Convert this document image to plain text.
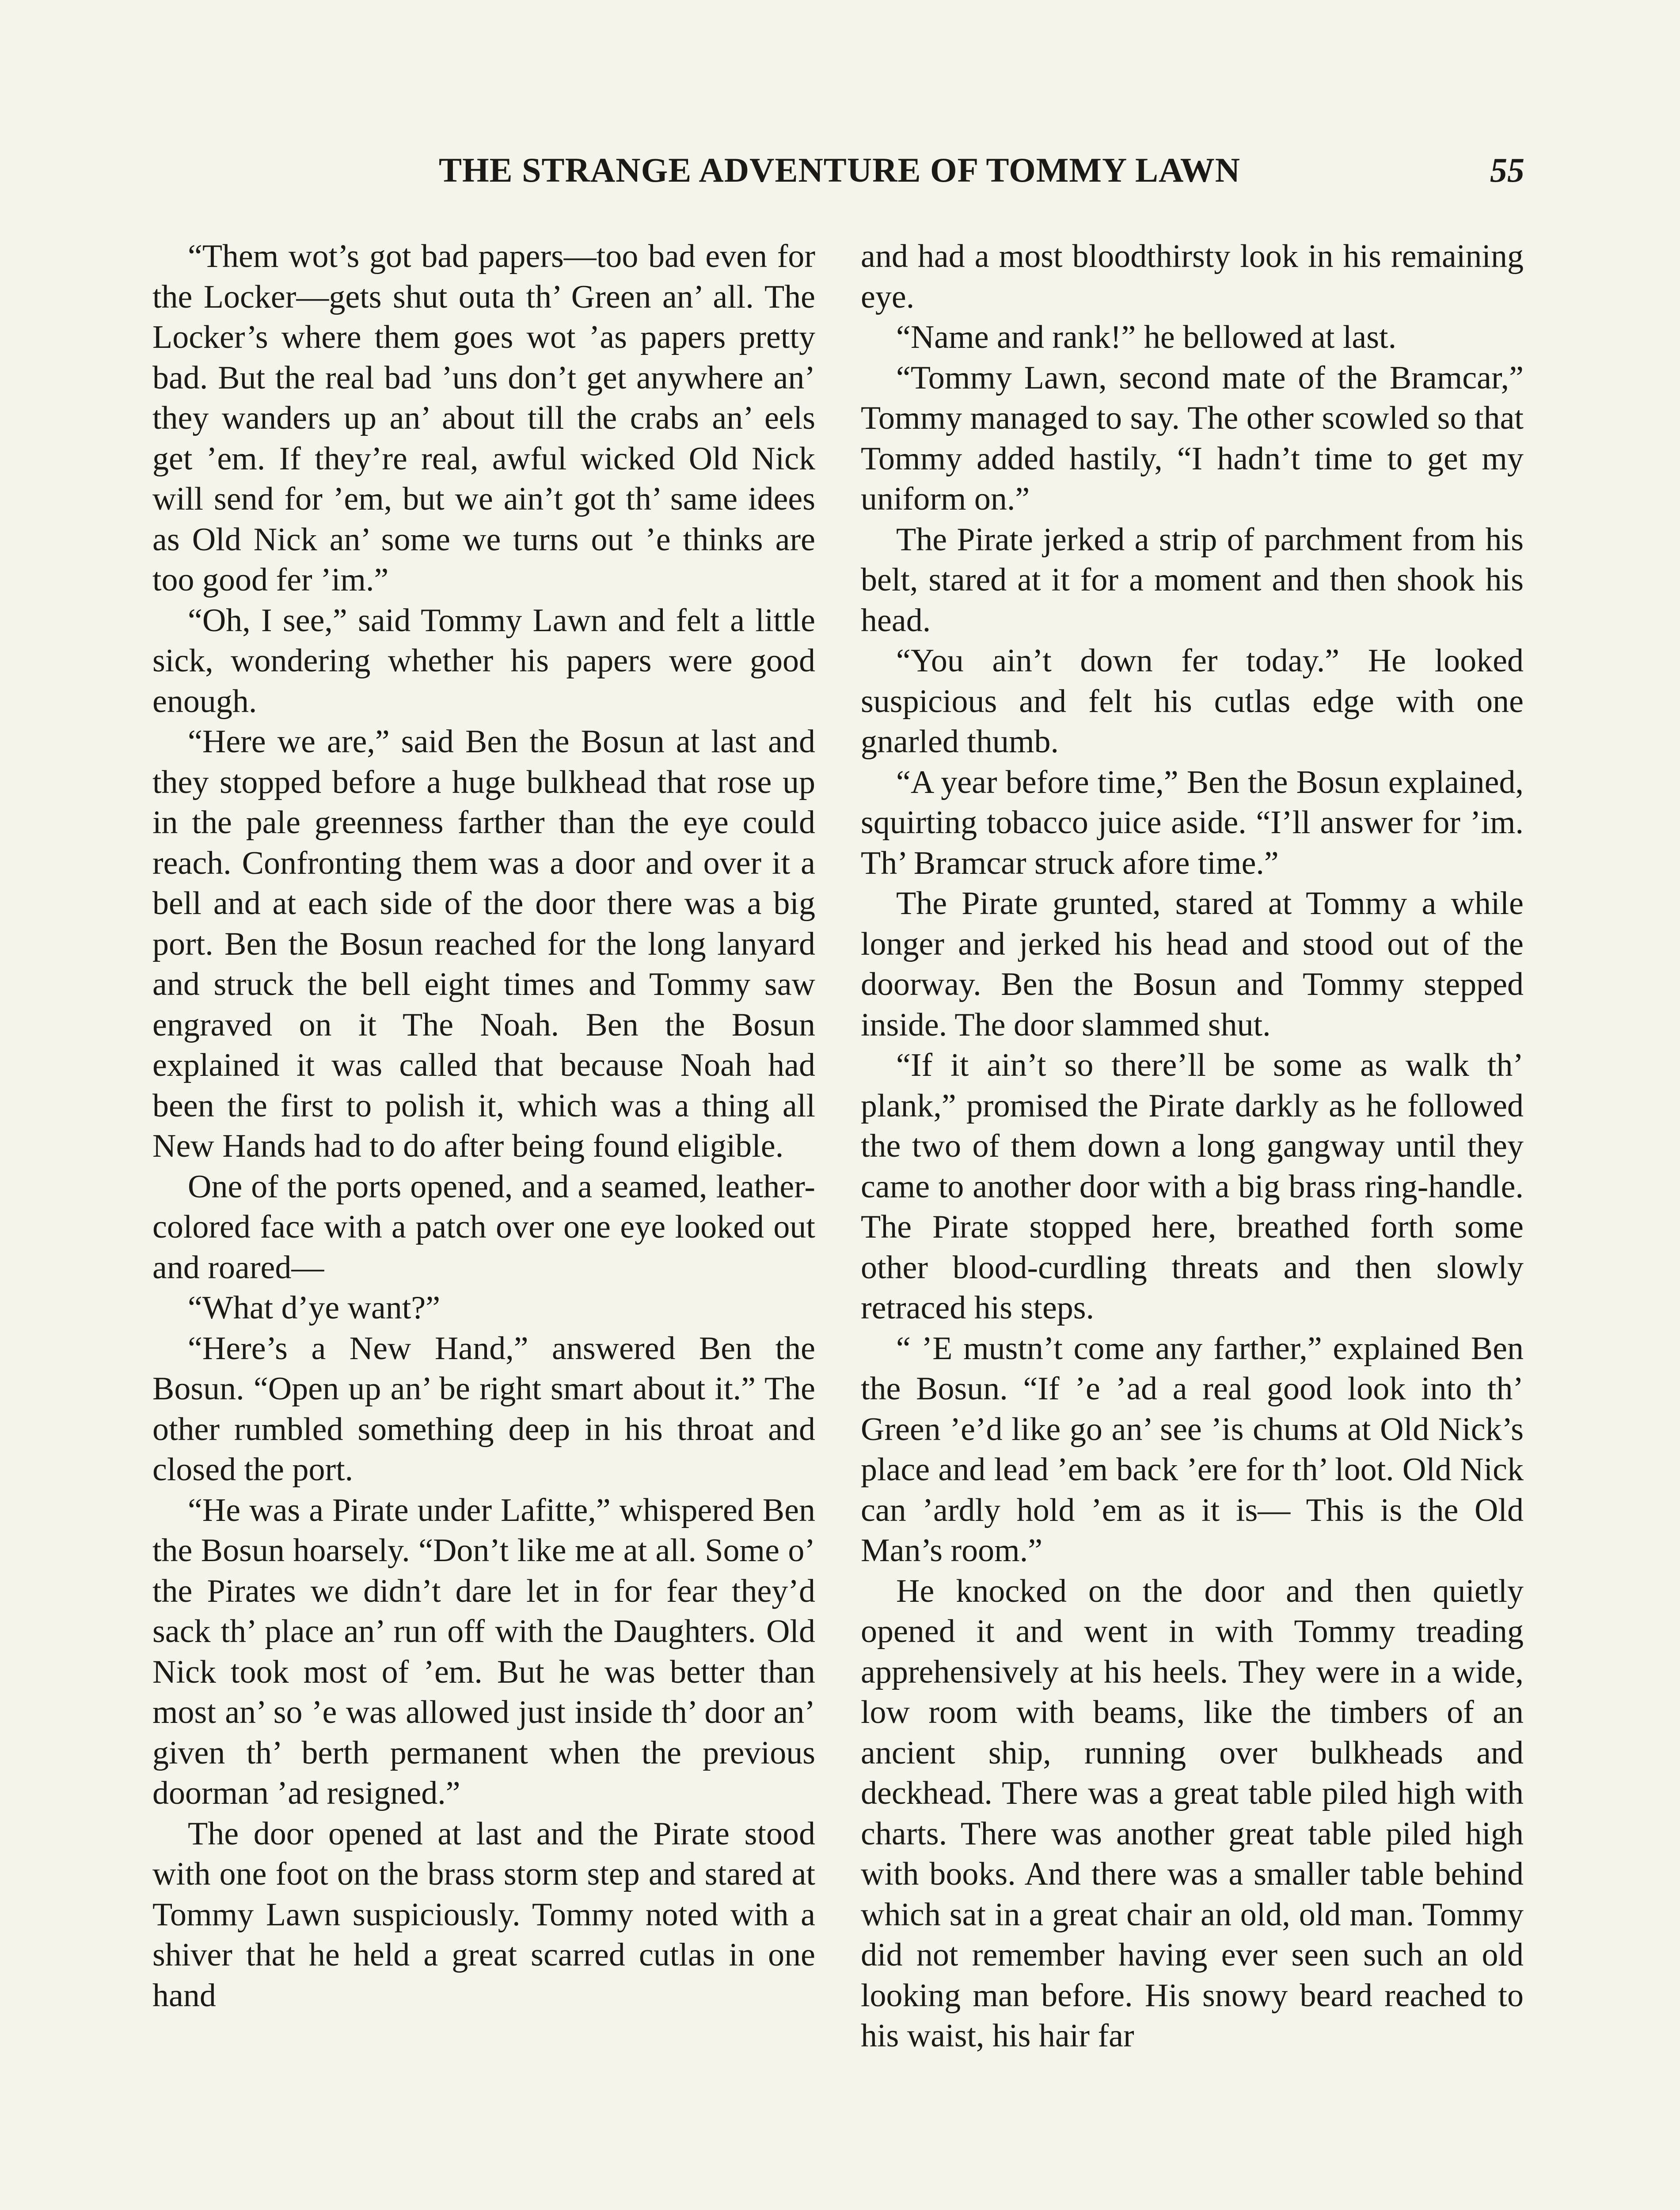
THE STRANGE ADVENTURE OF TOMMY LAWN	55

“Them wot’s got bad papers—too bad even for the Locker—gets shut outa th’ Green an’ all. The Locker’s where them goes wot ’as papers pretty bad. But the real bad ’uns don’t get anywhere an’ they wanders up an’ about till the crabs an’ eels get ’em. If they’re real, awful wicked Old Nick will send for ’em, but we ain’t got th’ same idees as Old Nick an’ some we turns out ’e thinks are too good fer ’im.”

“Oh, I see,” said Tommy Lawn and felt a little sick, wondering whether his papers were good enough.

“Here we are,” said Ben the Bosun at last and they stopped before a huge bulkhead that rose up in the pale greenness farther than the eye could reach. Confronting them was a door and over it a bell and at each side of the door there was a big port. Ben the Bosun reached for the long lanyard and struck the bell eight times and Tommy saw engraved on it The Noah. Ben the Bosun explained it was called that because Noah had been the first to polish it, which was a thing all New Hands had to do after being found eligible.

One of the ports opened, and a seamed, leather-colored face with a patch over one eye looked out and roared—

“What d’ye want?”

“Here’s a New Hand,” answered Ben the Bosun. “Open up an’ be right smart about it.” The other rumbled something deep in his throat and closed the port.

“He was a Pirate under Lafitte,” whispered Ben the Bosun hoarsely. “Don’t like me at all. Some o’ the Pirates we didn’t dare let in for fear they’d sack th’ place an’ run off with the Daughters. Old Nick took most of ’em. But he was better than most an’ so ’e was allowed just inside th’ door an’ given th’ berth permanent when the previous doorman ’ad resigned.”

The door opened at last and the Pirate stood with one foot on the brass storm step and stared at Tommy Lawn suspiciously. Tommy noted with a shiver that he held a great scarred cutlas in one hand

and had a most bloodthirsty look in his remaining eye.

“Name and rank!” he bellowed at last.

“Tommy Lawn, second mate of the Bramcar,” Tommy managed to say. The other scowled so that Tommy added hastily, “I hadn’t time to get my uniform on.”

The Pirate jerked a strip of parchment from his belt, stared at it for a moment and then shook his head.

“You ain’t down fer today.” He looked suspicious and felt his cutlas edge with one gnarled thumb.

“A year before time,” Ben the Bosun explained, squirting tobacco juice aside. “I’ll answer for ’im. Th’ Bramcar struck afore time.”

The Pirate grunted, stared at Tommy a while longer and jerked his head and stood out of the doorway. Ben the Bosun and Tommy stepped inside. The door slammed shut.

“If it ain’t so there’ll be some as walk th’ plank,” promised the Pirate darkly as he followed the two of them down a long gangway until they came to another door with a big brass ring-handle. The Pirate stopped here, breathed forth some other blood-curdling threats and then slowly retraced his steps.

“ ’E mustn’t come any farther,” explained Ben the Bosun. “If ’e ’ad a real good look into th’ Green ’e’d like go an’ see ’is chums at Old Nick’s place and lead ’em back ’ere for th’ loot. Old Nick can ’ardly hold ’em as it is— This is the Old Man’s room.”

He knocked on the door and then quietly opened it and went in with Tommy treading apprehensively at his heels. They were in a wide, low room with beams, like the timbers of an ancient ship, running over bulkheads and deckhead. There was a great table piled high with charts. There was another great table piled high with books. And there was a smaller table behind which sat in a great chair an old, old man. Tommy did not remember having ever seen such an old looking man before. His snowy beard reached to his waist, his hair far
